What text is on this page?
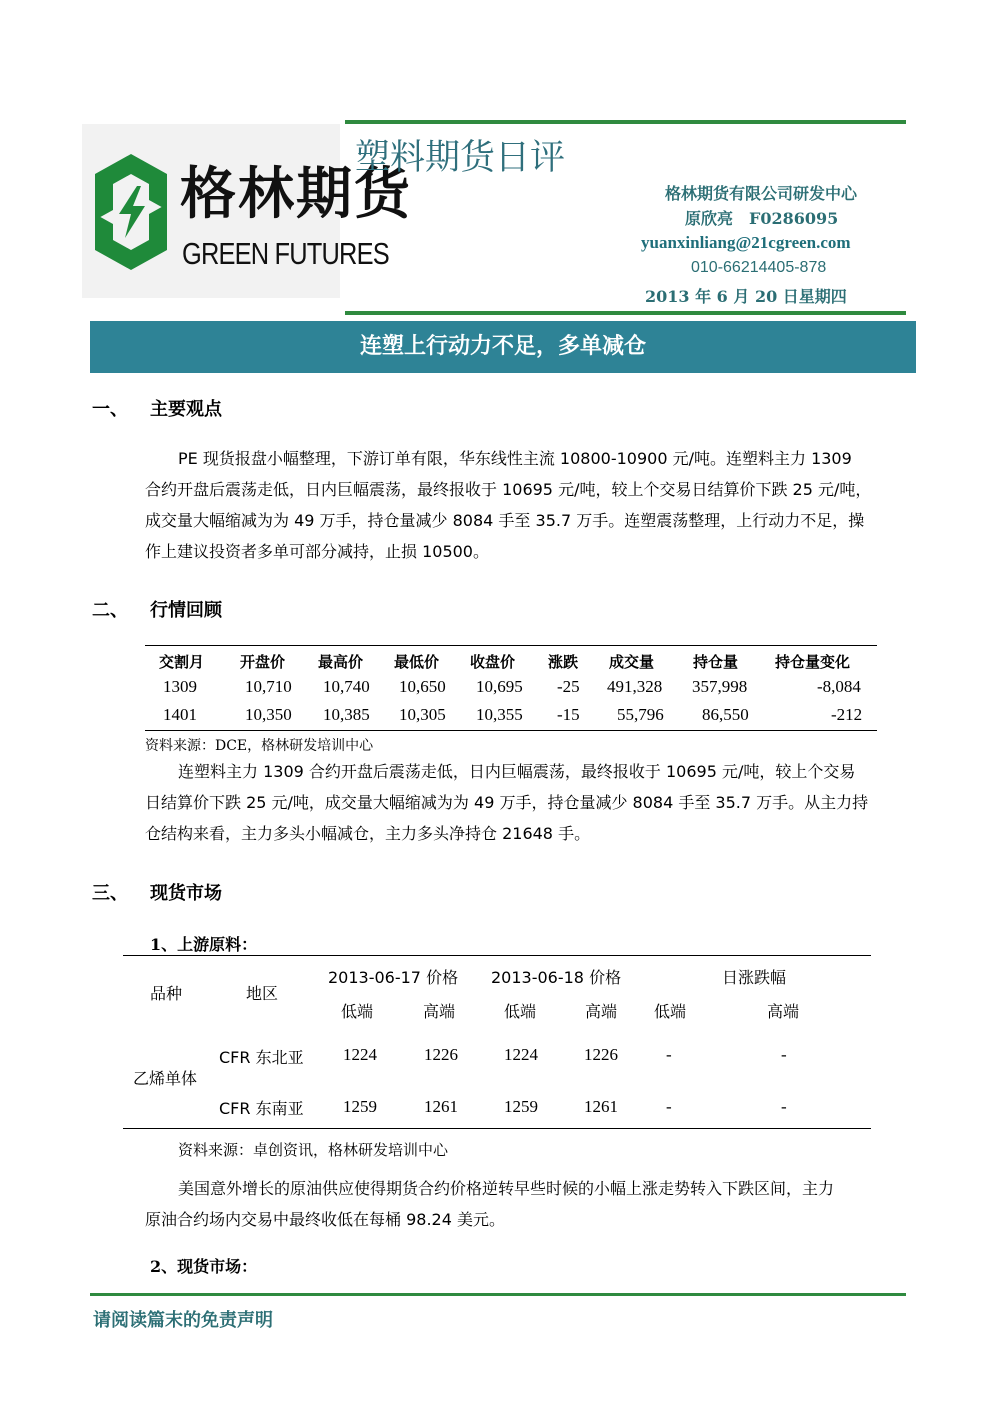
格林期货
GREEN FUTURES
塑料期货日评
格林期货有限公司研发中心
原欣亮　F0286095
yuanxinliang@21cgreen.com
010-66214405-878
2013 年 6 月 20 日星期四
连塑上行动力不足，多单减仓
一、 主要观点
PE 现货报盘小幅整理，下游订单有限，华东线性主流 10800-10900 元/吨。连塑料主力 1309
合约开盘后震荡走低，日内巨幅震荡，最终报收于 10695 元/吨，较上个交易日结算价下跌 25 元/吨，
成交量大幅缩减为为 49 万手，持仓量减少 8084 手至 35.7 万手。连塑震荡整理，上行动力不足，操
作上建议投资者多单可部分减持，止损 10500。
二、 行情回顾
交割月 开盘价 最高价 最低价 收盘价 涨跌 成交量	持仓量 持仓量变化
1309	10,710 10,740 10,650 10,695 -25 491,328 357,998	-8,084
1401	10,350 10,385 10,305 10,355 -15 55,796 86,550	-212
资料来源：DCE，格林研发培训中心
连塑料主力 1309 合约开盘后震荡走低，日内巨幅震荡，最终报收于 10695 元/吨，较上个交易
日结算价下跌 25 元/吨，成交量大幅缩减为为 49 万手，持仓量减少 8084 手至 35.7 万手。从主力持
仓结构来看，主力多头小幅减仓，主力多头净持仓 21648 手。
三、 现货市场
1、上游原料：
品种	地区
2013-06-17 价格 2013-06-18 价格	日涨跌幅
低端	高端	低端	高端 低端	高端
乙烯单体
CFR 东北亚 1224	1226	1224	1226	-	-
CFR 东南亚 1259	1261	1259	1261	-	-
资料来源：卓创资讯，格林研发培训中心
美国意外增长的原油供应使得期货合约价格逆转早些时候的小幅上涨走势转入下跌区间，主力
原油合约场内交易中最终收低在每桶 98.24 美元。
2、现货市场：
请阅读篇末的免责声明
